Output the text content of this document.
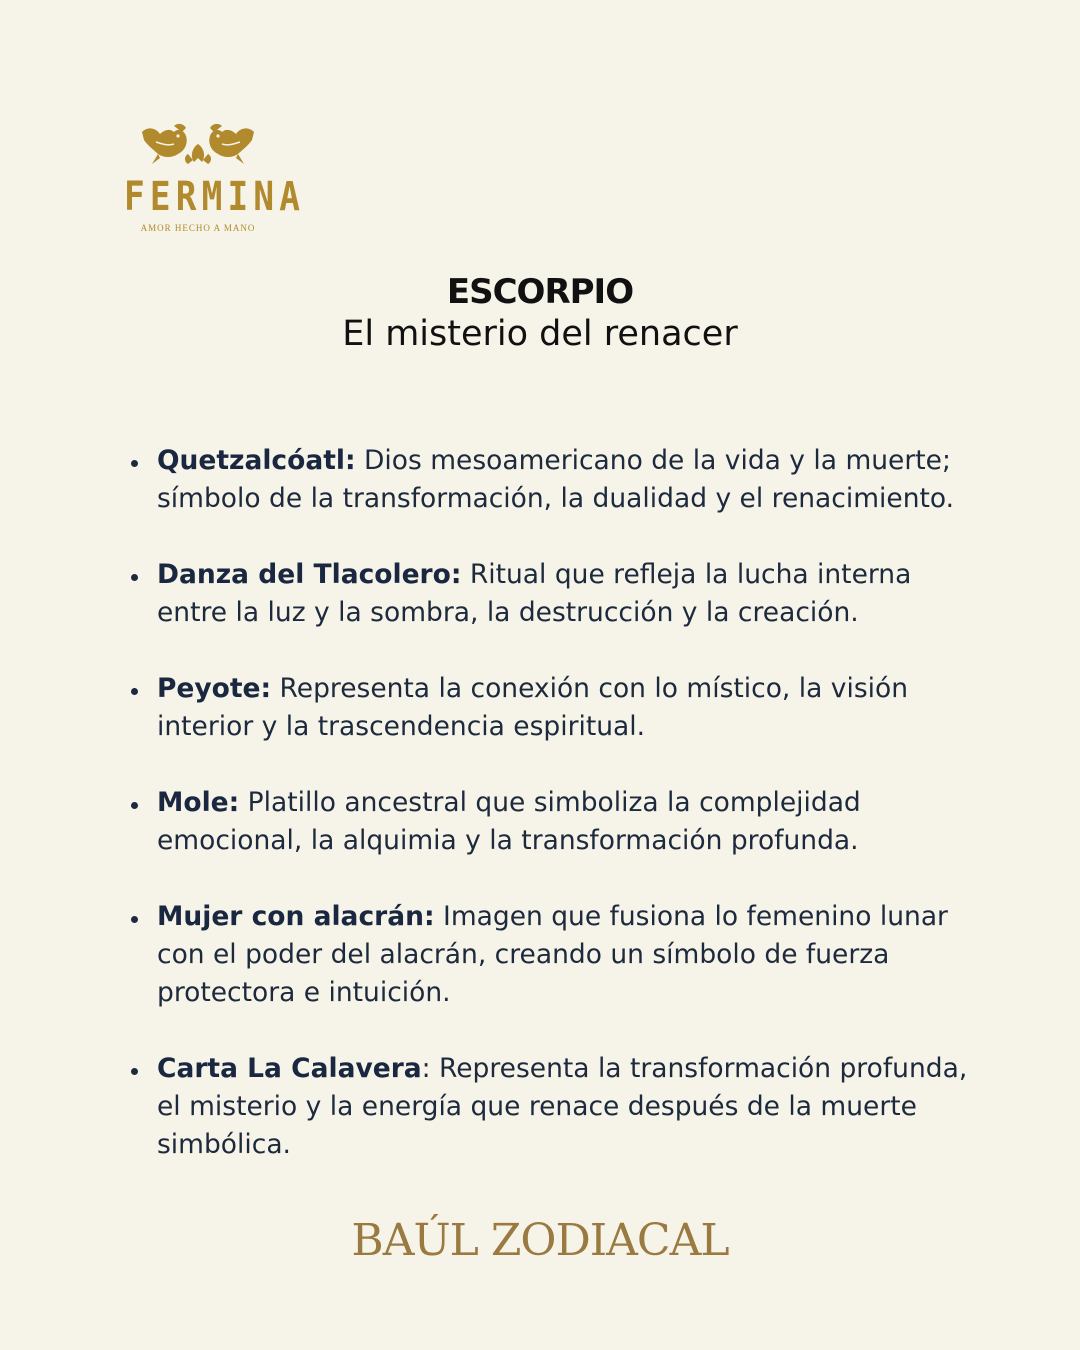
FERMINA
AMOR HECHO A MANO
ESCORPIO
El misterio del renacer
Quetzalcóatl: Dios mesoamericano de la vida y la muerte; símbolo de la transformación, la dualidad y el renacimiento.
Danza del Tlacolero: Ritual que refleja la lucha interna entre la luz y la sombra, la destrucción y la creación.
Peyote: Representa la conexión con lo místico, la visión interior y la trascendencia espiritual.
Mole: Platillo ancestral que simboliza la complejidad emocional, la alquimia y la transformación profunda.
Mujer con alacrán: Imagen que fusiona lo femenino lunar con el poder del alacrán, creando un símbolo de fuerza protectora e intuición.
Carta La Calavera: Representa la transformación profunda, el misterio y la energía que renace después de la muerte simbólica.
BAÚL ZODIACAL
